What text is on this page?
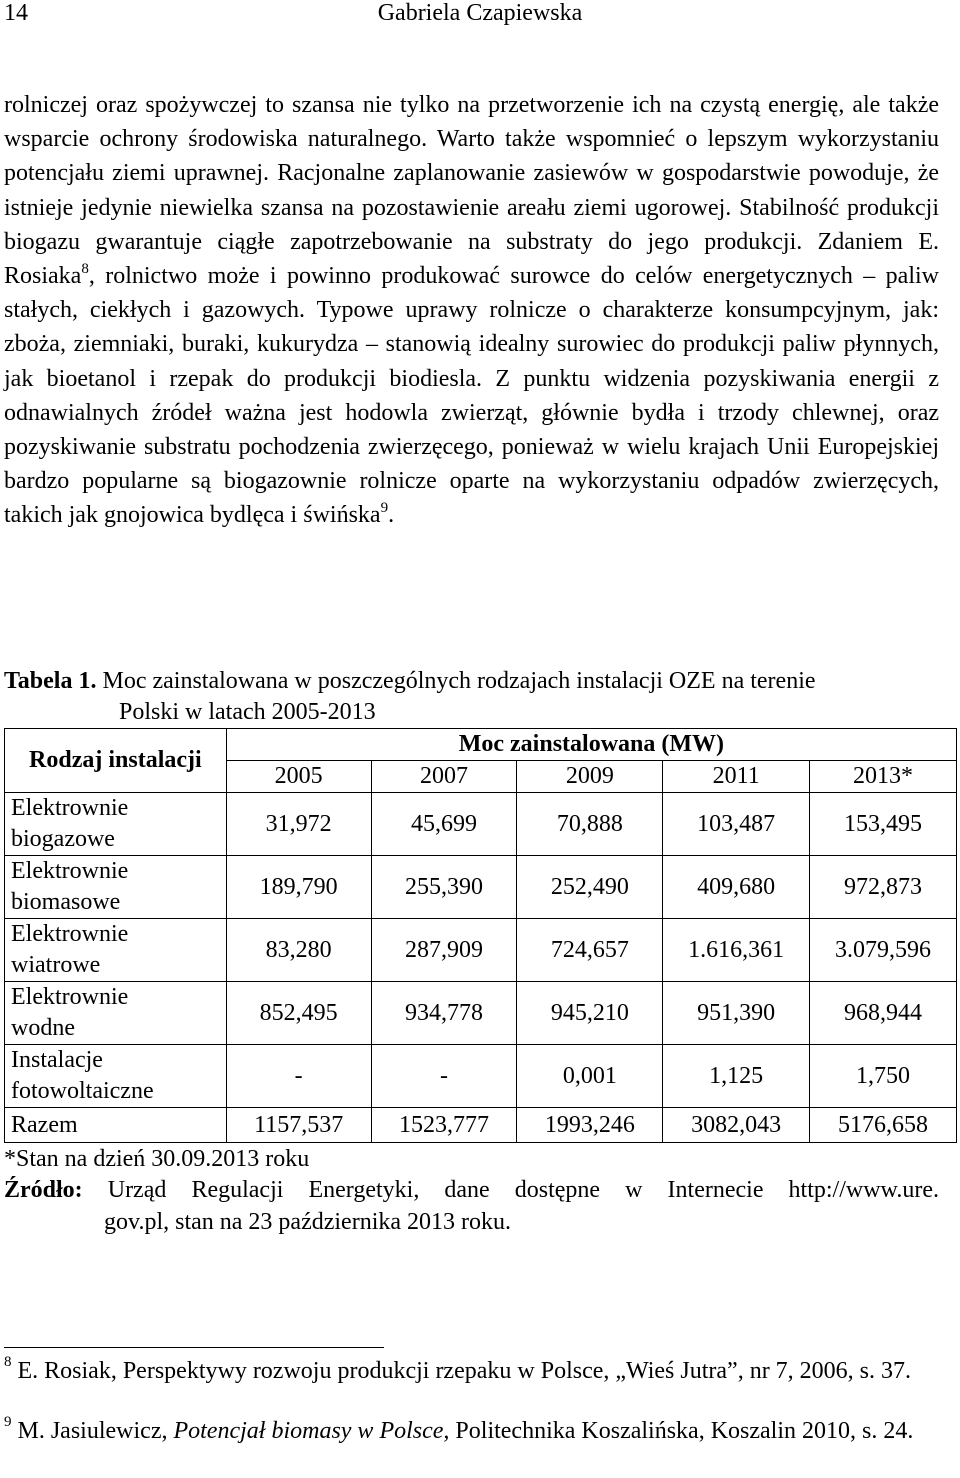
14	Gabriela Czapiewska

rolniczej oraz spożywczej to szansa nie tylko na przetworzenie ich na czystą energię, ale także wsparcie ochrony środowiska naturalnego. Warto także wspomnieć o lepszym wykorzystaniu potencjału ziemi uprawnej. Racjonalne zaplanowanie zasiewów w gospodarstwie powoduje, że istnieje jedynie niewielka szansa na pozostawienie areału ziemi ugorowej. Stabilność produkcji biogazu gwarantuje ciągłe zapotrzebowanie na substraty do jego produkcji. Zdaniem E. Rosiaka$^8$, rolnictwo może i powinno produkować surowce do celów energetycznych – paliw stałych, ciekłych i gazowych. Typowe uprawy rolnicze o charakterze konsumpcyjnym, jak: zboża, ziemniaki, buraki, kukurydza – stanowią idealny surowiec do produkcji paliw płynnych, jak bioetanol i rzepak do produkcji biodiesla. Z punktu widzenia pozyskiwania energii z odnawialnych źródeł ważna jest hodowla zwierząt, głównie bydła i trzody chlewnej, oraz pozyskiwanie substratu pochodzenia zwierzęcego, ponieważ w wielu krajach Unii Europejskiej bardzo popularne są biogazownie rolnicze oparte na wykorzystaniu odpadów zwierzęcych, takich jak gnojowica bydlęca i świńska$^9$.

Tabela 1. Moc zainstalowana w poszczególnych rodzajach instalacji OZE na terenie
Polski w latach 2005-2013

Rodzaj instalacji	Moc zainstalowana (MW)				
	2005	2007	2009	2011	2013*
Elektrownie
biogazowe	31,972	45,699	70,888	103,487	153,495
Elektrownie
biomasowe	189,790	255,390	252,490	409,680	972,873
Elektrownie
wiatrowe	83,280	287,909	724,657	1.616,361	3.079,596
Elektrownie
wodne	852,495	934,778	945,210	951,390	968,944
Instalacje
fotowoltaiczne	-	-	0,001	1,125	1,750
Razem	1157,537	1523,777	1993,246	3082,043	5176,658
*Stan na dzień 30.09.2013 roku
Źródło: Urząd Regulacji Energetyki, dane dostępne w Internecie http://www.ure.
gov.pl, stan na 23 października 2013 roku.

$^8$ E. Rosiak, Perspektywy rozwoju produkcji rzepaku w Polsce, „Wieś Jutra”, nr 7, 2006, s. 37.

$^9$ M. Jasiulewicz, Potencjał biomasy w Polsce, Politechnika Koszalińska, Koszalin 2010, s. 24.
